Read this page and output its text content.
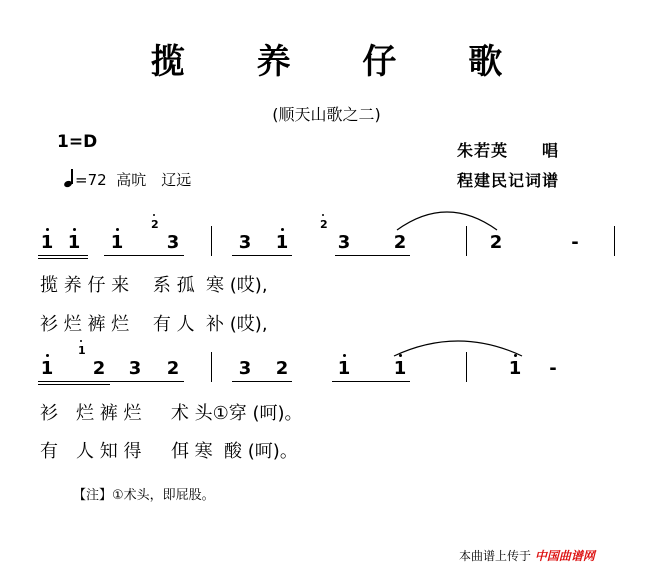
揽 养 仔 歌
(顺天山歌之二)
1=D
=72 高吭　辽远
朱若英　　唱
程建民记词谱
1 1 1 3	3 1	3 2	2	-
2	2
1 2 3 2	3 2	1 1	1 -
1
揽 养 仔 来　 系 孤  寒 (哎),
衫 烂 裤 烂　 有 人  补 (哎),
衫　烂 裤 烂　  术 头①穿 (呵)。
有　人 知 得　  佴 寒  酸 (呵)。
【注】①术头，即屁股。
本曲谱上传于 中国曲谱网
